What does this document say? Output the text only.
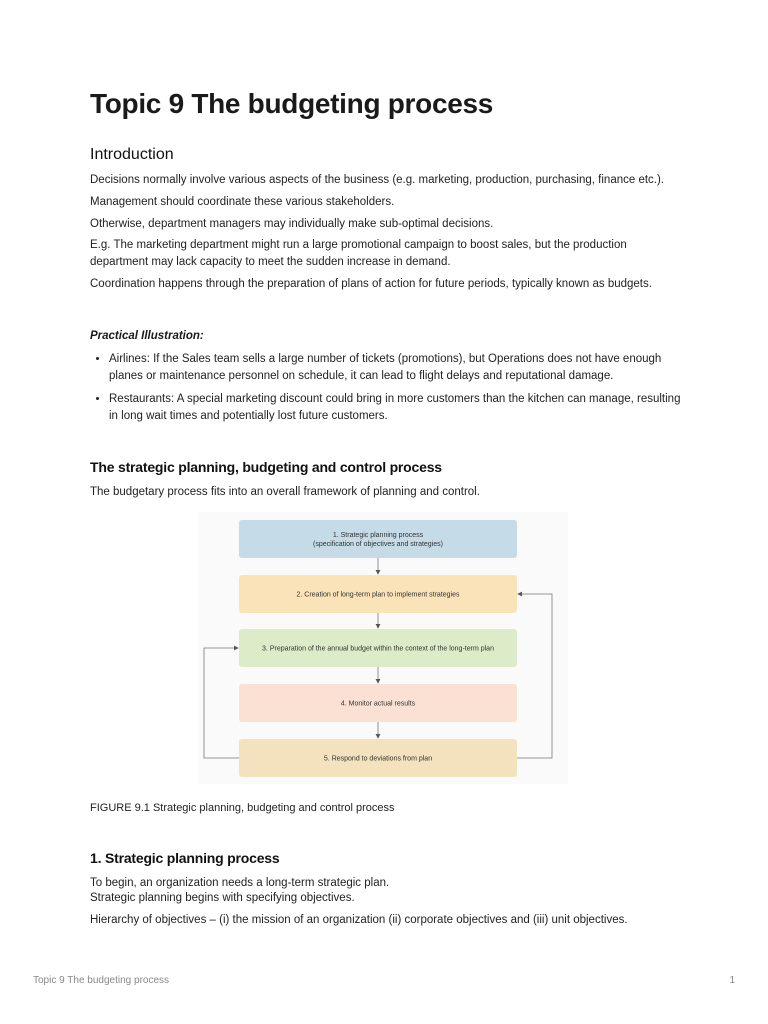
Topic 9 The budgeting process
Introduction

Decisions normally involve various aspects of the business (e.g. marketing, production, purchasing, finance etc.).

Management should coordinate these various stakeholders.

Otherwise, department managers may individually make sub-optimal decisions.

E.g. The marketing department might run a large promotional campaign to boost sales, but the production department may lack capacity to meet the sudden increase in demand.

Coordination happens through the preparation of plans of action for future periods, typically known as budgets.

Practical Illustration:
• Airlines: If the Sales team sells a large number of tickets (promotions), but Operations does not have enough planes or maintenance personnel on schedule, it can lead to flight delays and reputational damage.
• Restaurants: A special marketing discount could bring in more customers than the kitchen can manage, resulting in long wait times and potentially lost future customers.
The strategic planning, budgeting and control process

The budgetary process fits into an overall framework of planning and control.

FIGURE 9.1 Strategic planning, budgeting and control process
1. Strategic planning process

To begin, an organization needs a long-term strategic plan.

Strategic planning begins with specifying objectives.

Hierarchy of objectives – (i) the mission of an organization (ii) corporate objectives and (iii) unit objectives.

1. Strategic planning process
(specification of objectives and strategies)
2. Creation of long-term plan to implement strategies
3. Preparation of the annual budget within the context of the long-term plan
4. Monitor actual results
5. Respond to deviations from plan
Topic 9 The budgeting process	1
